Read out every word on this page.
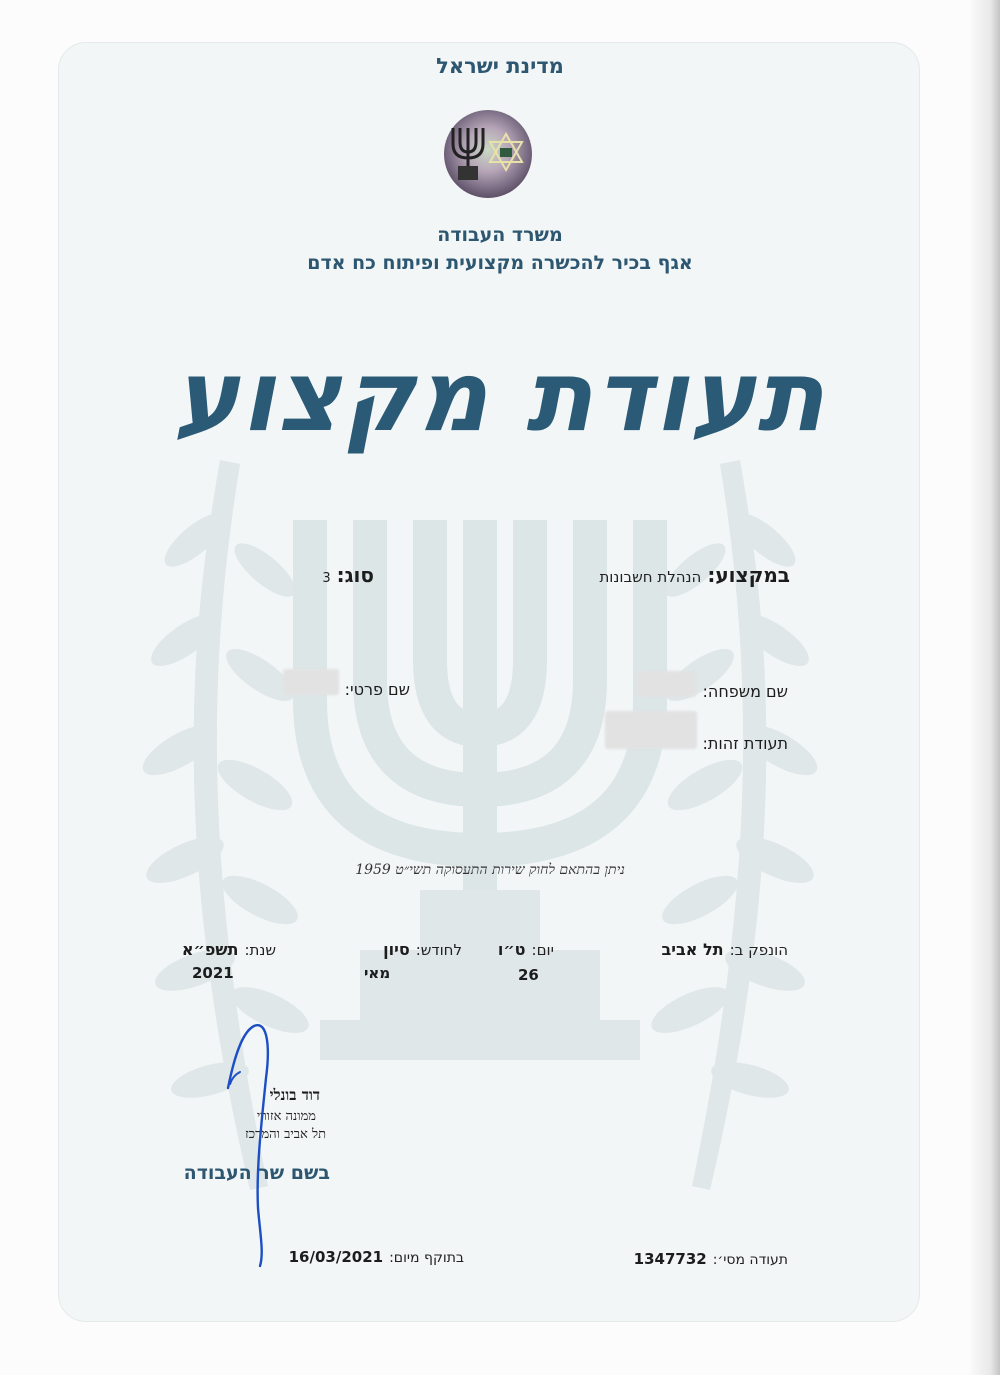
מדינת ישראל
משרד העבודה
אגף בכיר להכשרה מקצועית ופיתוח כח אדם
תעודת מקצוע
במקצוע:
הנהלת חשבונות
סוג:
3
שם משפחה:
שם פרטי:
תעודת זהות:
ניתן בהתאם לחוק שירות התעסוקה תשי״ט 1959
הונפק ב:
תל אביב
יום:
ט״ו
26
לחודש:
סיון
מאי
שנת:
תשפ״א
2021
דוד בונלי
ממונה אזורי
תל אביב והמרכז
בשם שר העבודה
בתוקף מיום:
16/03/2021	תעודה מסי׳:
1347732
